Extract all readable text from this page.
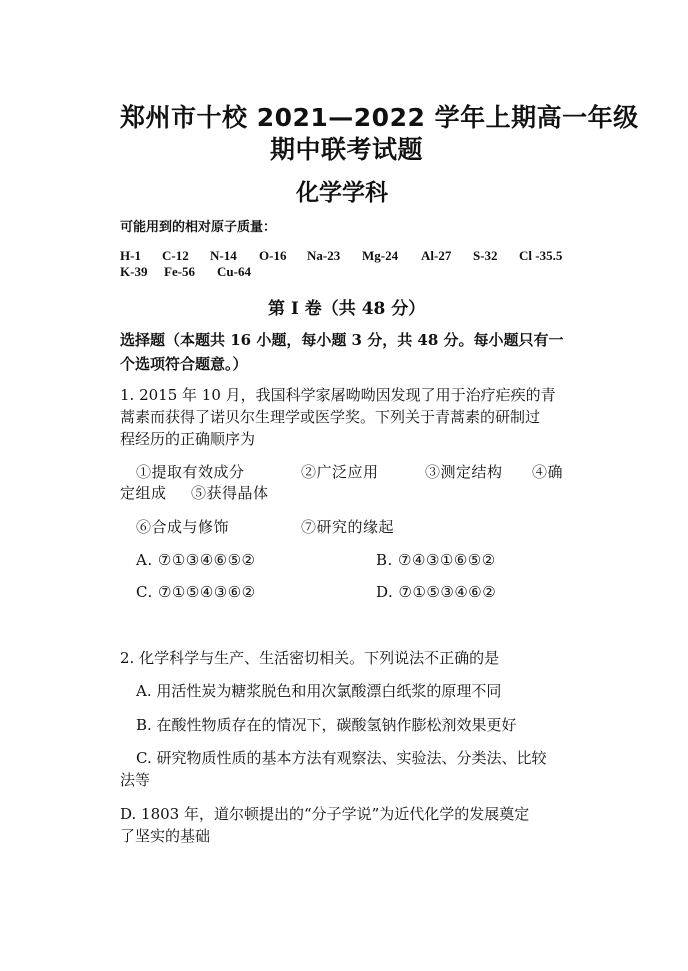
郑州市十校 2021—2022 学年上期高一年级
期中联考试题
化学学科
可能用到的相对原子质量：
H-1 C-12 N-14 O-16 Na-23 Mg-24 Al-27 S-32 Cl -35.5
K-39 Fe-56 Cu-64
第 Ⅰ 卷（共 48 分）
选择题（本题共 16 小题，每小题 3 分，共 48 分。每小题只有一
个选项符合题意。）
1. 2015 年 10 月，我国科学家屠呦呦因发现了用于治疗疟疾的青
蒿素而获得了诺贝尔生理学或医学奖。下列关于青蒿素的研制过
程经历的正确顺序为
①提取有效成分	②广泛应用	③测定结构 ④确
定组成 ⑤获得晶体
⑥合成与修饰	⑦研究的缘起
A. ⑦①③④⑥⑤②	B. ⑦④③①⑥⑤②
C. ⑦①⑤④③⑥②	D. ⑦①⑤③④⑥②
2. 化学科学与生产、生活密切相关。下列说法不正确的是
A. 用活性炭为糖浆脱色和用次氯酸漂白纸浆的原理不同
B. 在酸性物质存在的情况下，碳酸氢钠作膨松剂效果更好
C. 研究物质性质的基本方法有观察法、实验法、分类法、比较
法等
D. 1803 年，道尔顿提出的“分子学说”为近代化学的发展奠定
了坚实的基础
